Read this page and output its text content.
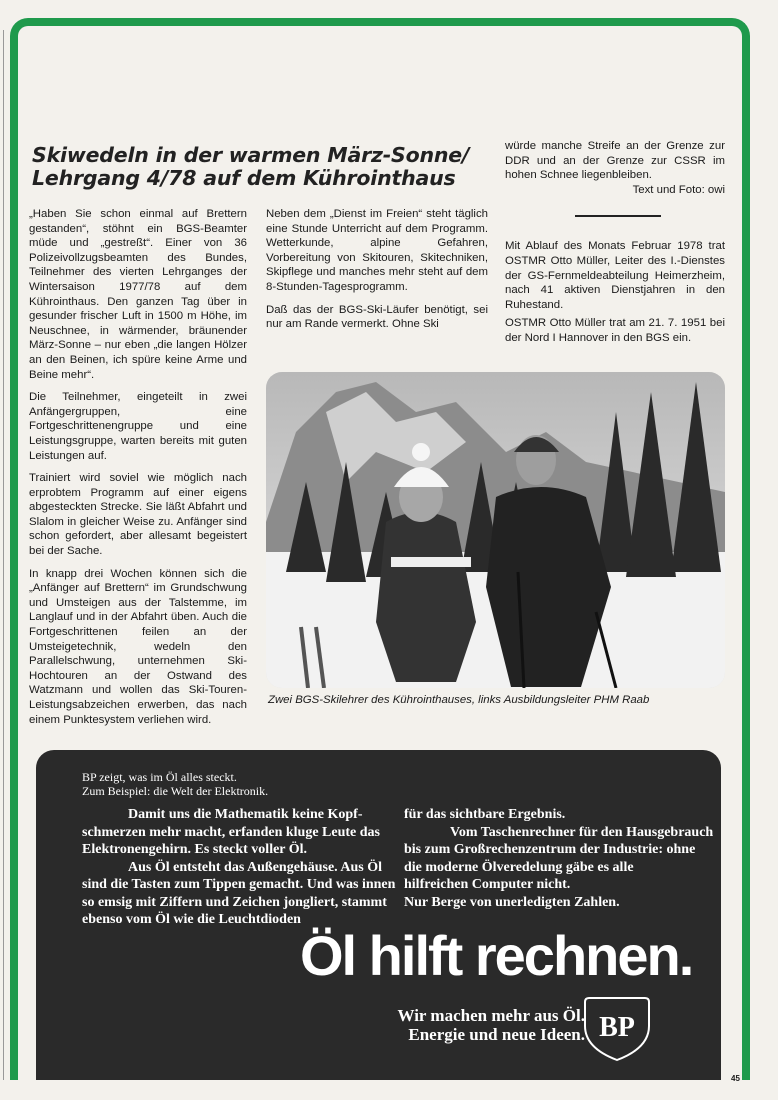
Skiwedeln in der warmen März-Sonne/
Lehrgang 4/78 auf dem Kührointhaus

„Haben Sie schon einmal auf Brettern gestanden“, stöhnt ein BGS-Beamter müde und „gestreßt“. Einer von 36 Polizeivollzugsbeamten des Bundes, Teilnehmer des vierten Lehrganges der Wintersaison 1977/78 auf dem Kührointhaus. Den ganzen Tag über in gesunder frischer Luft in 1500 m Höhe, im Neuschnee, in wärmender, bräunender März-Sonne – nur eben „die langen Hölzer an den Beinen, ich spüre keine Arme und Beine mehr“.

Die Teilnehmer, eingeteilt in zwei Anfängergruppen, eine Fortgeschrittenengruppe und eine Leistungsgruppe, warten bereits mit guten Leistungen auf.

Trainiert wird soviel wie möglich nach erprobtem Programm auf einer eigens abgesteckten Strecke. Sie läßt Abfahrt und Slalom in gleicher Weise zu. Anfänger sind schon gefordert, aber allesamt begeistert bei der Sache.

In knapp drei Wochen können sich die „Anfänger auf Brettern“ im Grundschwung und Umsteigen aus der Talstemme, im Langlauf und in der Abfahrt üben. Auch die Fortgeschrittenen feilen an der Umsteigetechnik, wedeln den Parallelschwung, unternehmen Ski-Hochtouren an der Ostwand des Watzmann und wollen das Ski-Touren-Leistungsabzeichen erwerben, das nach einem Punktesystem verliehen wird.

Neben dem „Dienst im Freien“ steht täglich eine Stunde Unterricht auf dem Programm. Wetterkunde, alpine Gefahren, Vorbereitung von Skitouren, Skitechniken, Skipflege und manches mehr steht auf dem 8-Stunden-Tagesprogramm.

Daß das der BGS-Ski-Läufer benötigt, sei nur am Rande vermerkt. Ohne Ski

würde manche Streife an der Grenze zur DDR und an der Grenze zur CSSR im hohen Schnee liegenbleiben.

Text und Foto: owi

Mit Ablauf des Monats Februar 1978 trat OSTMR Otto Müller, Leiter des I.-Dienstes der GS-Fernmeldeabteilung Heimerzheim, nach 41 aktiven Dienstjahren in den Ruhestand.

OSTMR Otto Müller trat am 21. 7. 1951 bei der Nord I Hannover in den BGS ein.

Zwei BGS-Skilehrer des Kührointhauses, links Ausbildungsleiter PHM Raab

BP zeigt, was im Öl alles steckt.
Zum Beispiel: die Welt der Elektronik.
Damit uns die Mathematik keine Kopf-
schmerzen mehr macht, erfanden kluge Leute das
Elektronengehirn. Es steckt voller Öl.
Aus Öl entsteht das Außengehäuse. Aus Öl
sind die Tasten zum Tippen gemacht. Und was innen
so emsig mit Ziffern und Zeichen jongliert, stammt
ebenso vom Öl wie die Leuchtdioden
für das sichtbare Ergebnis.
Vom Taschenrechner für den Hausgebrauch
bis zum Großrechenzentrum der Industrie: ohne
die moderne Ölveredelung gäbe es alle
hilfreichen Computer nicht.
Nur Berge von unerledigten Zahlen.
Öl hilft rechnen.
Wir machen mehr aus Öl.
Energie und neue Ideen. BP
45
